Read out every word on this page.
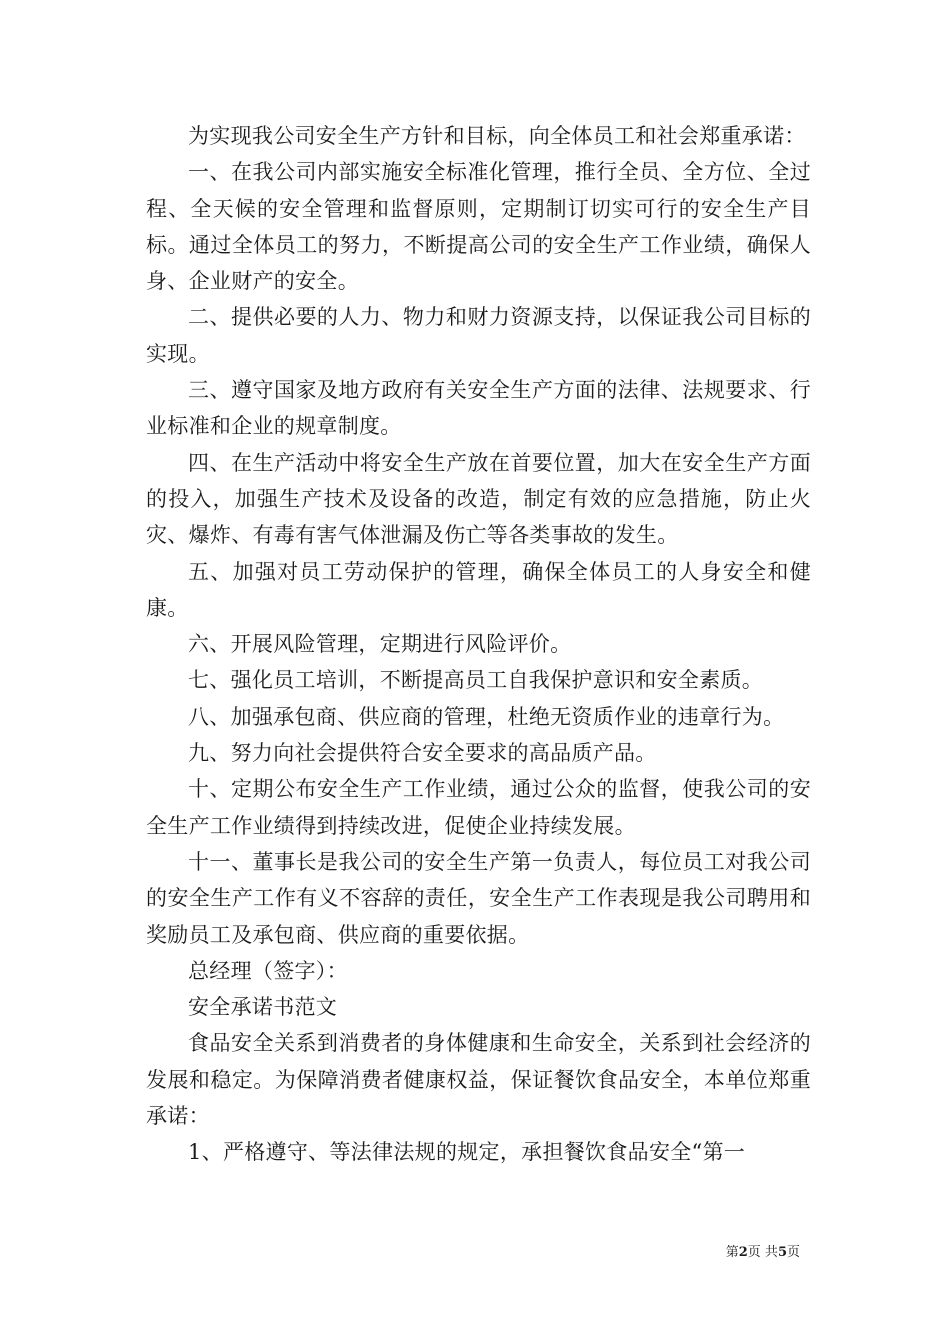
为实现我公司安全生产方针和目标，向全体员工和社会郑重承诺：

一、在我公司内部实施安全标准化管理，推行全员、全方位、全过程、全天候的安全管理和监督原则，定期制订切实可行的安全生产目标。通过全体员工的努力，不断提高公司的安全生产工作业绩，确保人身、企业财产的安全。

二、提供必要的人力、物力和财力资源支持，以保证我公司目标的实现。

三、遵守国家及地方政府有关安全生产方面的法律、法规要求、行业标准和企业的规章制度。

四、在生产活动中将安全生产放在首要位置，加大在安全生产方面的投入，加强生产技术及设备的改造，制定有效的应急措施，防止火灾、爆炸、有毒有害气体泄漏及伤亡等各类事故的发生。

五、加强对员工劳动保护的管理，确保全体员工的人身安全和健康。

六、开展风险管理，定期进行风险评价。

七、强化员工培训，不断提高员工自我保护意识和安全素质。

八、加强承包商、供应商的管理，杜绝无资质作业的违章行为。

九、努力向社会提供符合安全要求的高品质产品。

十、定期公布安全生产工作业绩，通过公众的监督，使我公司的安全生产工作业绩得到持续改进，促使企业持续发展。

十一、董事长是我公司的安全生产第一负责人，每位员工对我公司的安全生产工作有义不容辞的责任，安全生产工作表现是我公司聘用和奖励员工及承包商、供应商的重要依据。

总经理（签字）：

安全承诺书范文

食品安全关系到消费者的身体健康和生命安全，关系到社会经济的发展和稳定。为保障消费者健康权益，保证餐饮食品安全，本单位郑重承诺：

1、严格遵守、等法律法规的规定，承担餐饮食品安全“第一

第2页 共5页
